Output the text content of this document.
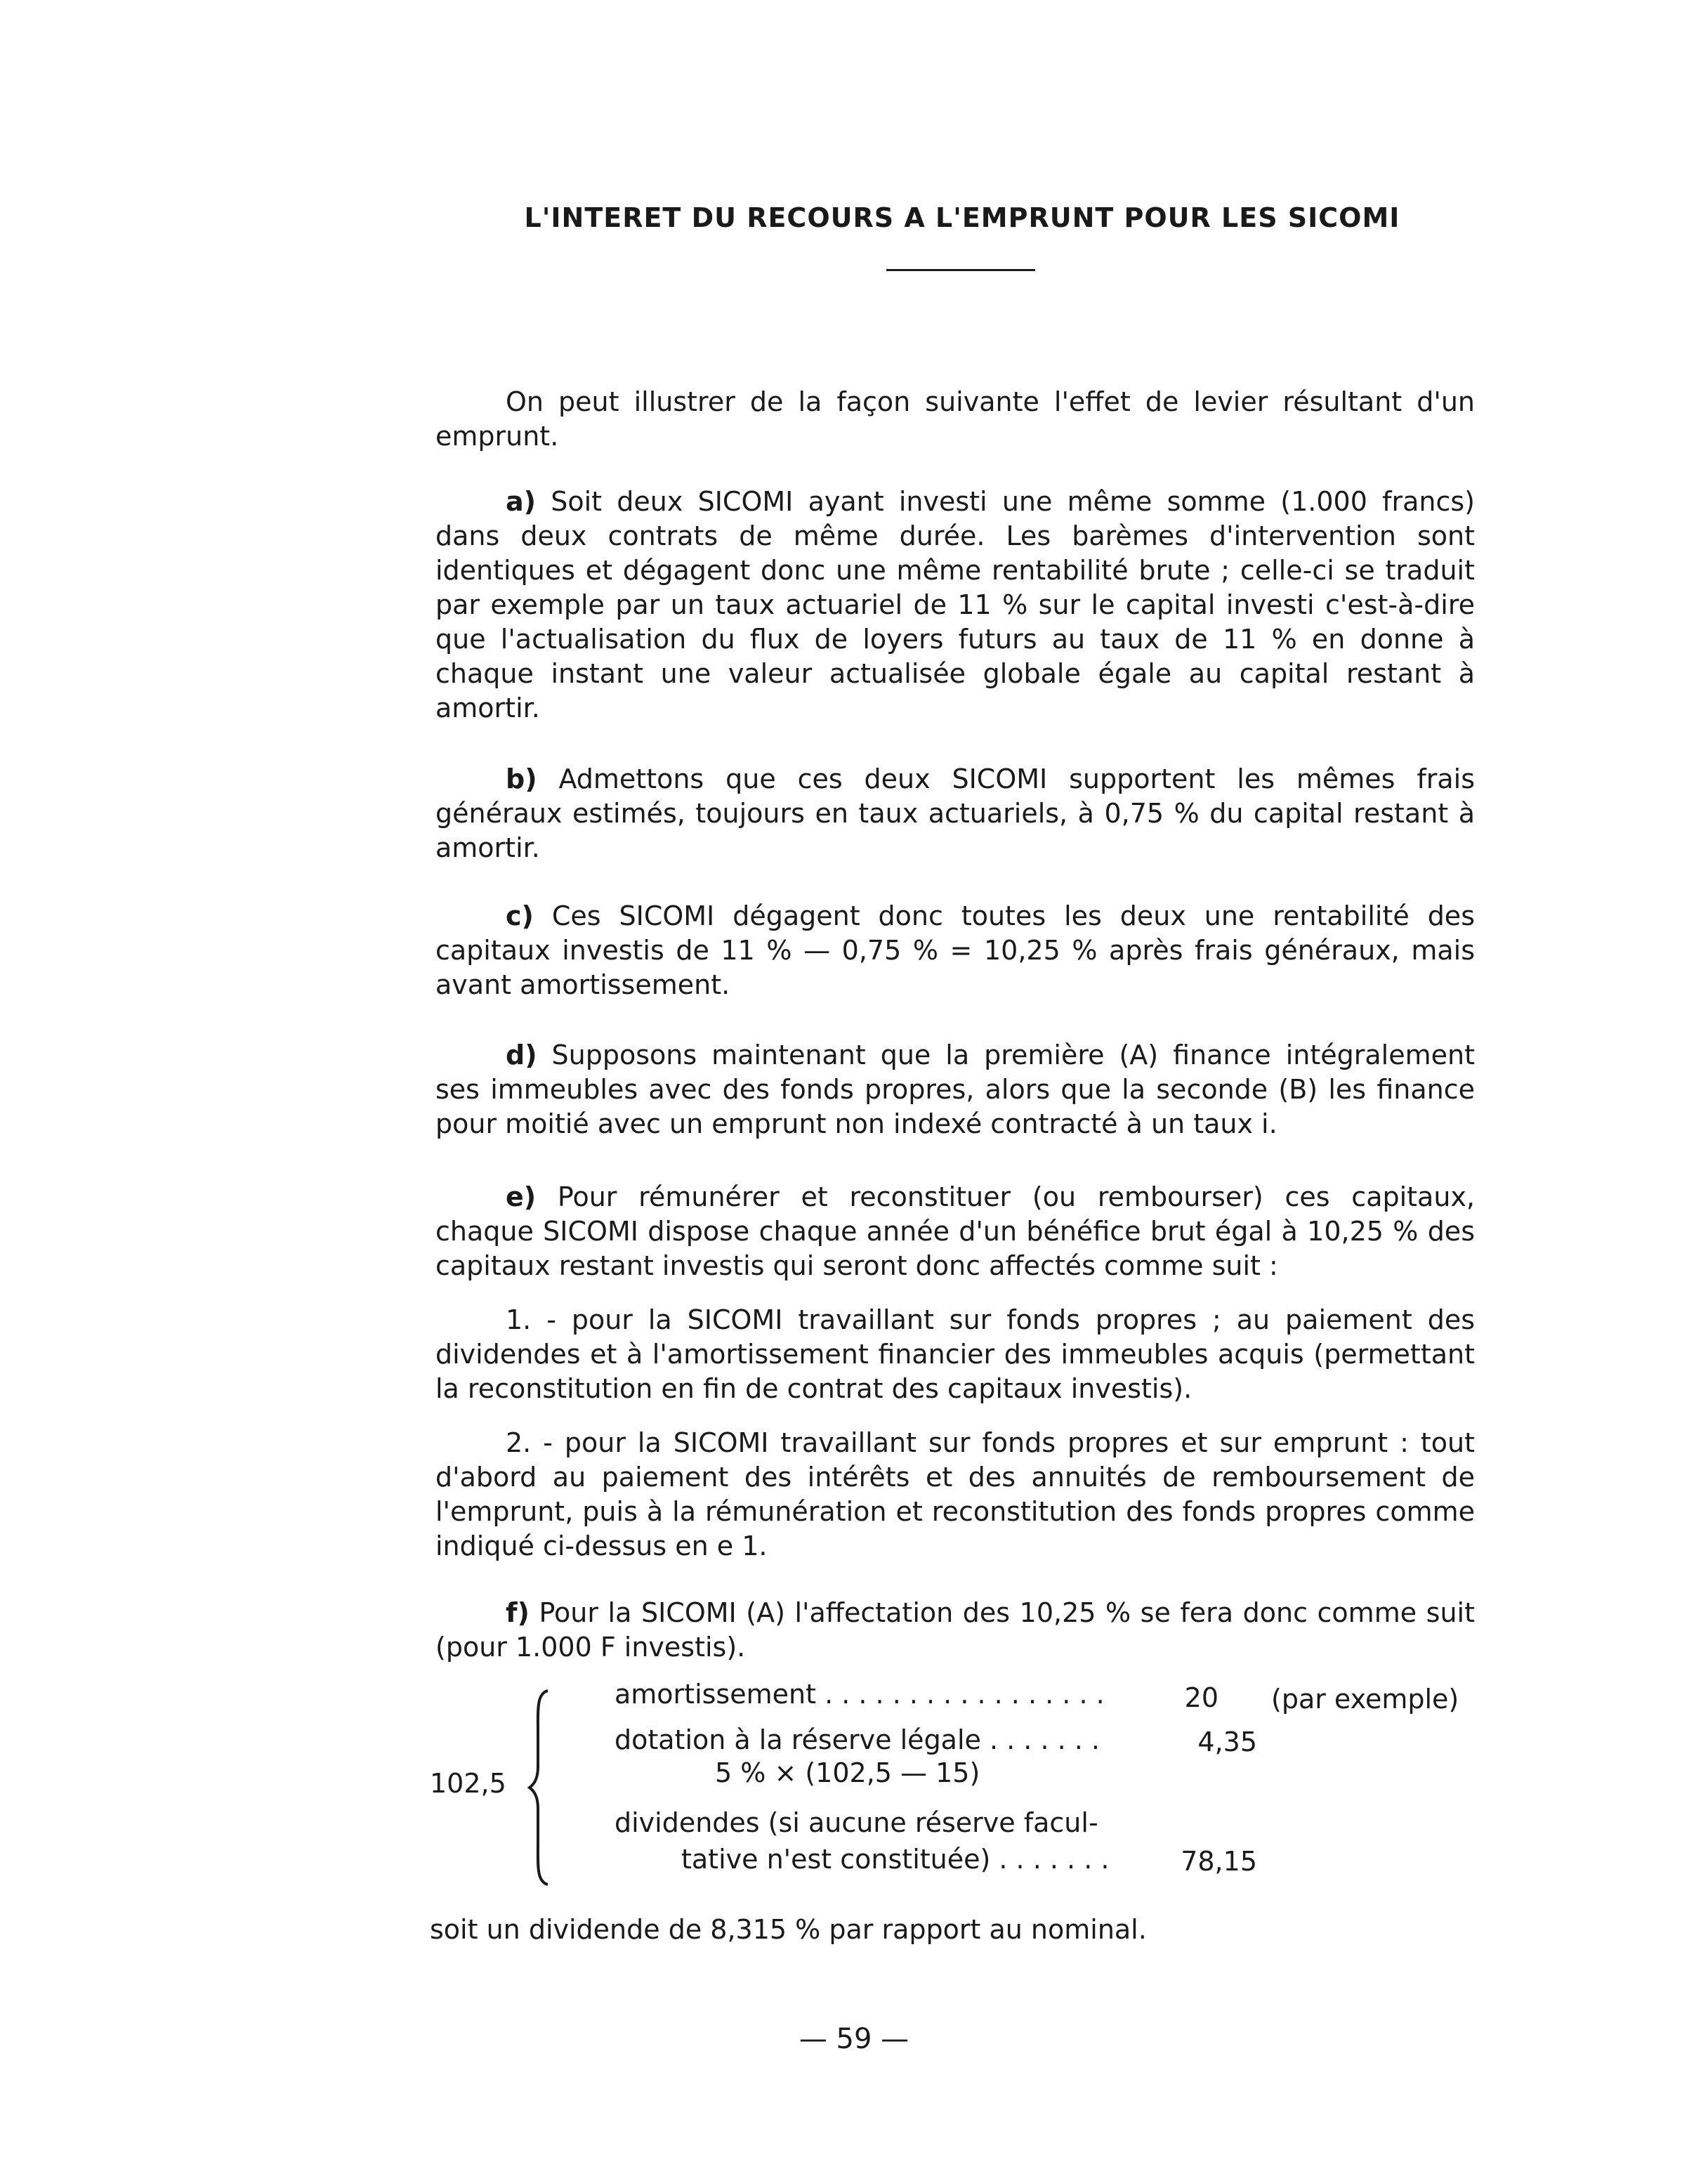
L'INTERET DU RECOURS A L'EMPRUNT POUR LES SICOMI
On peut illustrer de la façon suivante l'effet de levier résultant d'un emprunt.
a) Soit deux SICOMI ayant investi une même somme (1.000 francs) dans deux contrats de même durée. Les barèmes d'intervention sont identiques et dégagent donc une même rentabilité brute ; celle-ci se traduit par exemple par un taux actuariel de 11 % sur le capital investi c'est-à-dire que l'actualisation du flux de loyers futurs au taux de 11 % en donne à chaque instant une valeur actualisée globale égale au capital restant à amortir.
b) Admettons que ces deux SICOMI supportent les mêmes frais généraux estimés, toujours en taux actuariels, à 0,75 % du capital restant à amortir.
c) Ces SICOMI dégagent donc toutes les deux une rentabilité des capitaux investis de 11 % — 0,75 % = 10,25 % après frais généraux, mais avant amortissement.
d) Supposons maintenant que la première (A) finance intégralement ses immeubles avec des fonds propres, alors que la seconde (B) les finance pour moitié avec un emprunt non indexé contracté à un taux i.
e) Pour rémunérer et reconstituer (ou rembourser) ces capitaux, chaque SICOMI dispose chaque année d'un bénéfice brut égal à 10,25 % des capitaux restant investis qui seront donc affectés comme suit :
1. - pour la SICOMI travaillant sur fonds propres ; au paiement des dividendes et à l'amortissement financier des immeubles acquis (permettant la reconstitution en fin de contrat des capitaux investis).
2. - pour la SICOMI travaillant sur fonds propres et sur emprunt : tout d'abord au paiement des intérêts et des annuités de remboursement de l'emprunt, puis à la rémunération et reconstitution des fonds propres comme indiqué ci-dessus en e 1.
f) Pour la SICOMI (A) l'affectation des 10,25 % se fera donc comme suit (pour 1.000 F investis).
102,5
amortissement . . . . . . . . . . . . . . . . .	20 (par exemple)
dotation à la réserve légale . . . . . . .	4,35
5 % × (102,5 — 15)
dividendes (si aucune réserve facul-
tative n'est constituée) . . . . . . .	78,15
soit un dividende de 8,315 % par rapport au nominal.
— 59 —
